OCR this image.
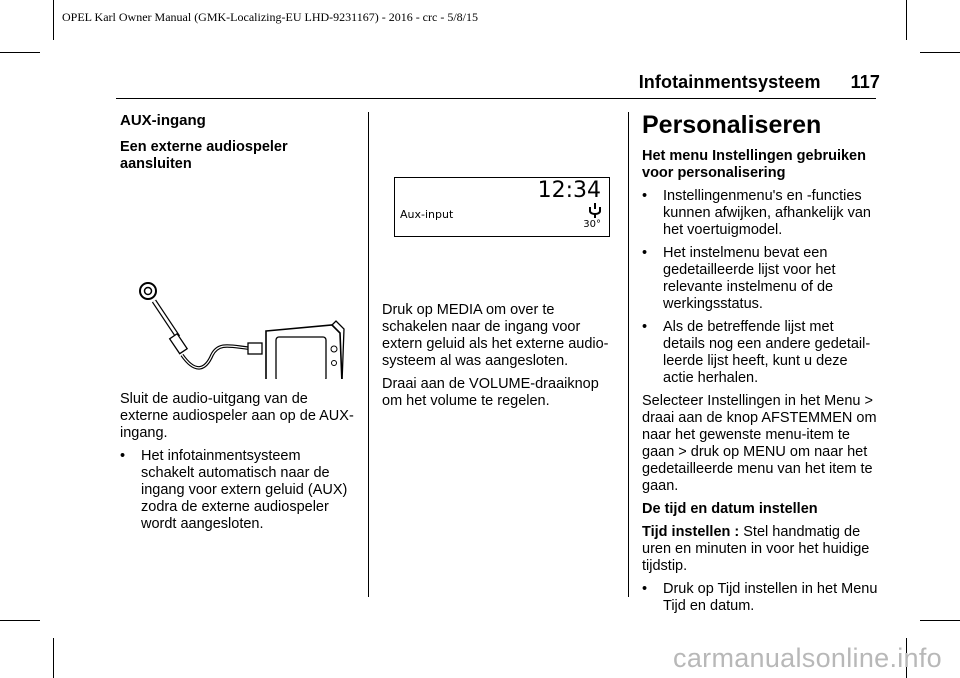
OPEL Karl Owner Manual (GMK-Localizing-EU LHD-9231167) - 2016 - crc - 5/8/15
Infotainmentsysteem 117
AUX-ingang
Een externe audiospeler aansluiten

Sluit de audio-uitgang van de externe audiospeler aan op de AUX-ingang.

• Het infotainmentsysteem schakelt automatisch naar de ingang voor extern geluid (AUX) zodra de externe audiospeler wordt aangesloten.
12:34
Aux-input
30°

Druk op MEDIA om over te schakelen naar de ingang voor extern geluid als het externe audio-systeem al was aangesloten.

Draai aan de VOLUME-draaiknop om het volume te regelen.

Personaliseren
Het menu Instellingen gebruiken voor personalisering
• Instellingenmenu's en -functies kunnen afwijken, afhankelijk van het voertuigmodel.
• Het instelmenu bevat een gedetailleerde lijst voor het relevante instelmenu of de werkingsstatus.
• Als de betreffende lijst met details nog een andere gedetail-leerde lijst heeft, kunt u deze actie herhalen.

Selecteer Instellingen in het Menu > draai aan de knop AFSTEMMEN om naar het gewenste menu-item te gaan > druk op MENU om naar het gedetailleerde menu van het item te gaan.

De tijd en datum instellen

Tijd instellen : Stel handmatig de uren en minuten in voor het huidige tijdstip.

• Druk op Tijd instellen in het Menu Tijd en datum.
carmanualsonline.info
